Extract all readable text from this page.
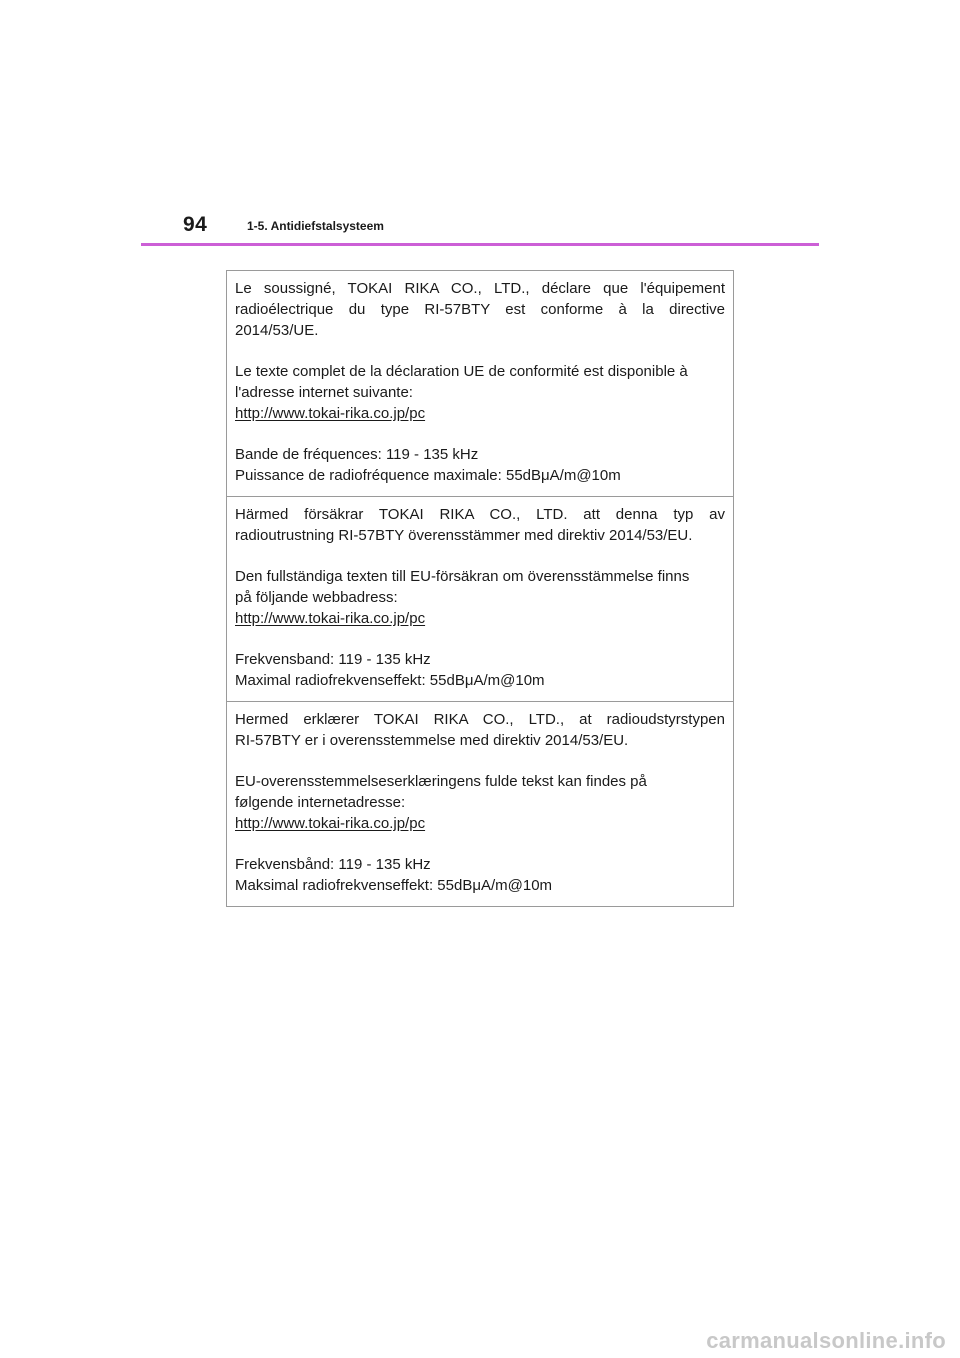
94	1-5. Antidiefstalsysteem

Le soussigné, TOKAI RIKA CO., LTD., déclare que l'équipement
radioélectrique du type RI-57BTY est conforme à la directive
2014/53/UE.

Le texte complet de la déclaration UE de conformité est disponible à
l'adresse internet suivante:
http://www.tokai-rika.co.jp/pc

Bande de fréquences: 119 - 135 kHz
Puissance de radiofréquence maximale: 55dBμA/m@10m

Härmed försäkrar TOKAI RIKA CO., LTD. att denna typ av
radioutrustning RI-57BTY överensstämmer med direktiv 2014/53/EU.

Den fullständiga texten till EU-försäkran om överensstämmelse finns
på följande webbadress:
http://www.tokai-rika.co.jp/pc

Frekvensband: 119 - 135 kHz
Maximal radiofrekvenseffekt: 55dBμA/m@10m

Hermed erklærer TOKAI RIKA CO., LTD., at radioudstyrstypen
RI-57BTY er i overensstemmelse med direktiv 2014/53/EU.

EU-overensstemmelseserklæringens fulde tekst kan findes på
følgende internetadresse:
http://www.tokai-rika.co.jp/pc

Frekvensbånd: 119 - 135 kHz
Maksimal radiofrekvenseffekt: 55dBμA/m@10m

carmanualsonline.info
